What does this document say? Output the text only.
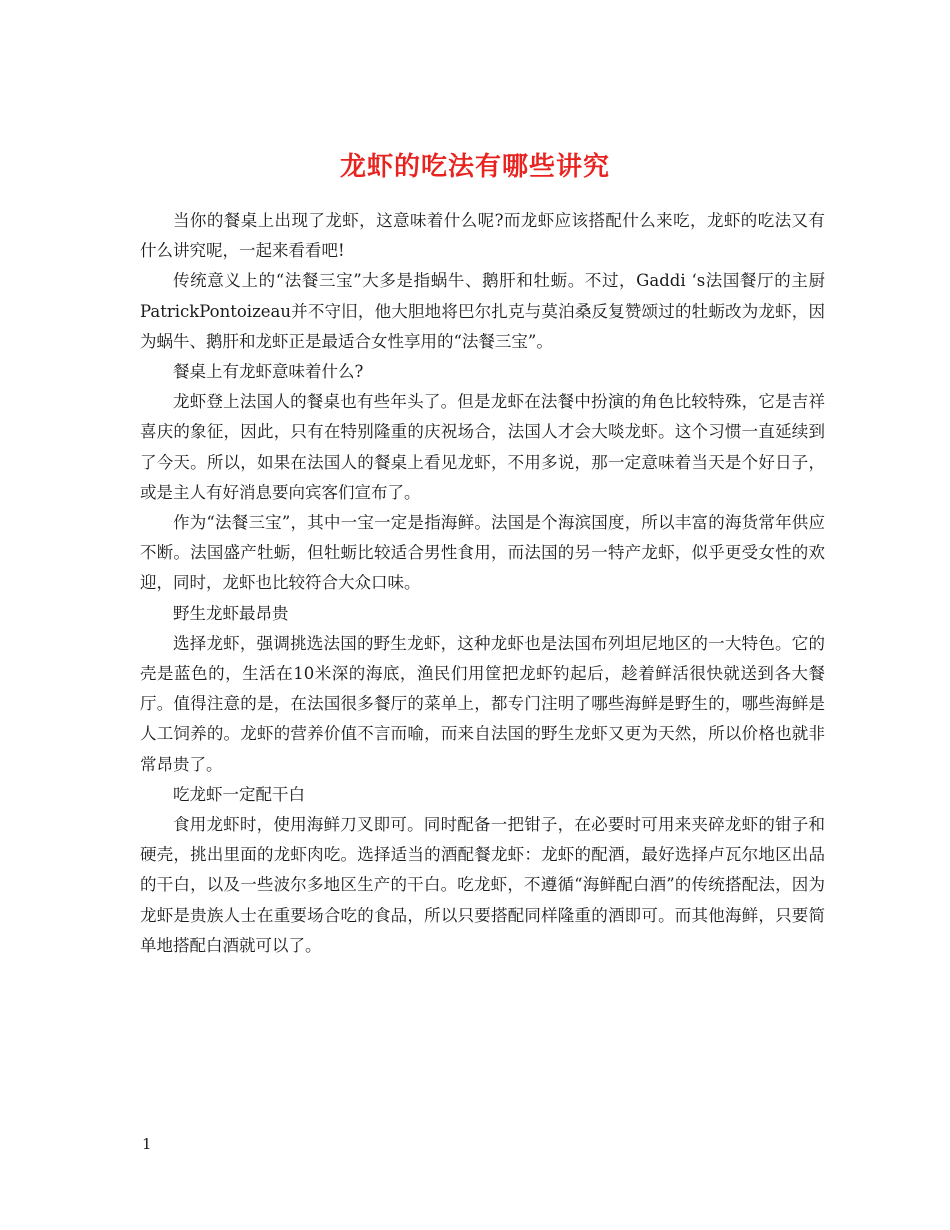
龙虾的吃法有哪些讲究

当你的餐桌上出现了龙虾，这意味着什么呢?而龙虾应该搭配什么来吃，龙虾的吃法又有什么讲究呢，一起来看看吧!

传统意义上的“法餐三宝”大多是指蜗牛、鹅肝和牡蛎。不过，Gaddi ‘s法国餐厅的主厨PatrickPontoizeau并不守旧，他大胆地将巴尔扎克与莫泊桑反复赞颂过的牡蛎改为龙虾，因为蜗牛、鹅肝和龙虾正是最适合女性享用的“法餐三宝”。

餐桌上有龙虾意味着什么?

龙虾登上法国人的餐桌也有些年头了。但是龙虾在法餐中扮演的角色比较特殊，它是吉祥喜庆的象征，因此，只有在特别隆重的庆祝场合，法国人才会大啖龙虾。这个习惯一直延续到了今天。所以，如果在法国人的餐桌上看见龙虾，不用多说，那一定意味着当天是个好日子，或是主人有好消息要向宾客们宣布了。

作为“法餐三宝”，其中一宝一定是指海鲜。法国是个海滨国度，所以丰富的海货常年供应不断。法国盛产牡蛎，但牡蛎比较适合男性食用，而法国的另一特产龙虾，似乎更受女性的欢迎，同时，龙虾也比较符合大众口味。

野生龙虾最昂贵

选择龙虾，强调挑选法国的野生龙虾，这种龙虾也是法国布列坦尼地区的一大特色。它的壳是蓝色的，生活在10米深的海底，渔民们用筐把龙虾钓起后，趁着鲜活很快就送到各大餐厅。值得注意的是，在法国很多餐厅的菜单上，都专门注明了哪些海鲜是野生的，哪些海鲜是人工饲养的。龙虾的营养价值不言而喻，而来自法国的野生龙虾又更为天然，所以价格也就非常昂贵了。

吃龙虾一定配干白

食用龙虾时，使用海鲜刀叉即可。同时配备一把钳子，在必要时可用来夹碎龙虾的钳子和硬壳，挑出里面的龙虾肉吃。选择适当的酒配餐龙虾：龙虾的配酒，最好选择卢瓦尔地区出品的干白，以及一些波尔多地区生产的干白。吃龙虾，不遵循“海鲜配白酒”的传统搭配法，因为龙虾是贵族人士在重要场合吃的食品，所以只要搭配同样隆重的酒即可。而其他海鲜，只要简单地搭配白酒就可以了。

1
